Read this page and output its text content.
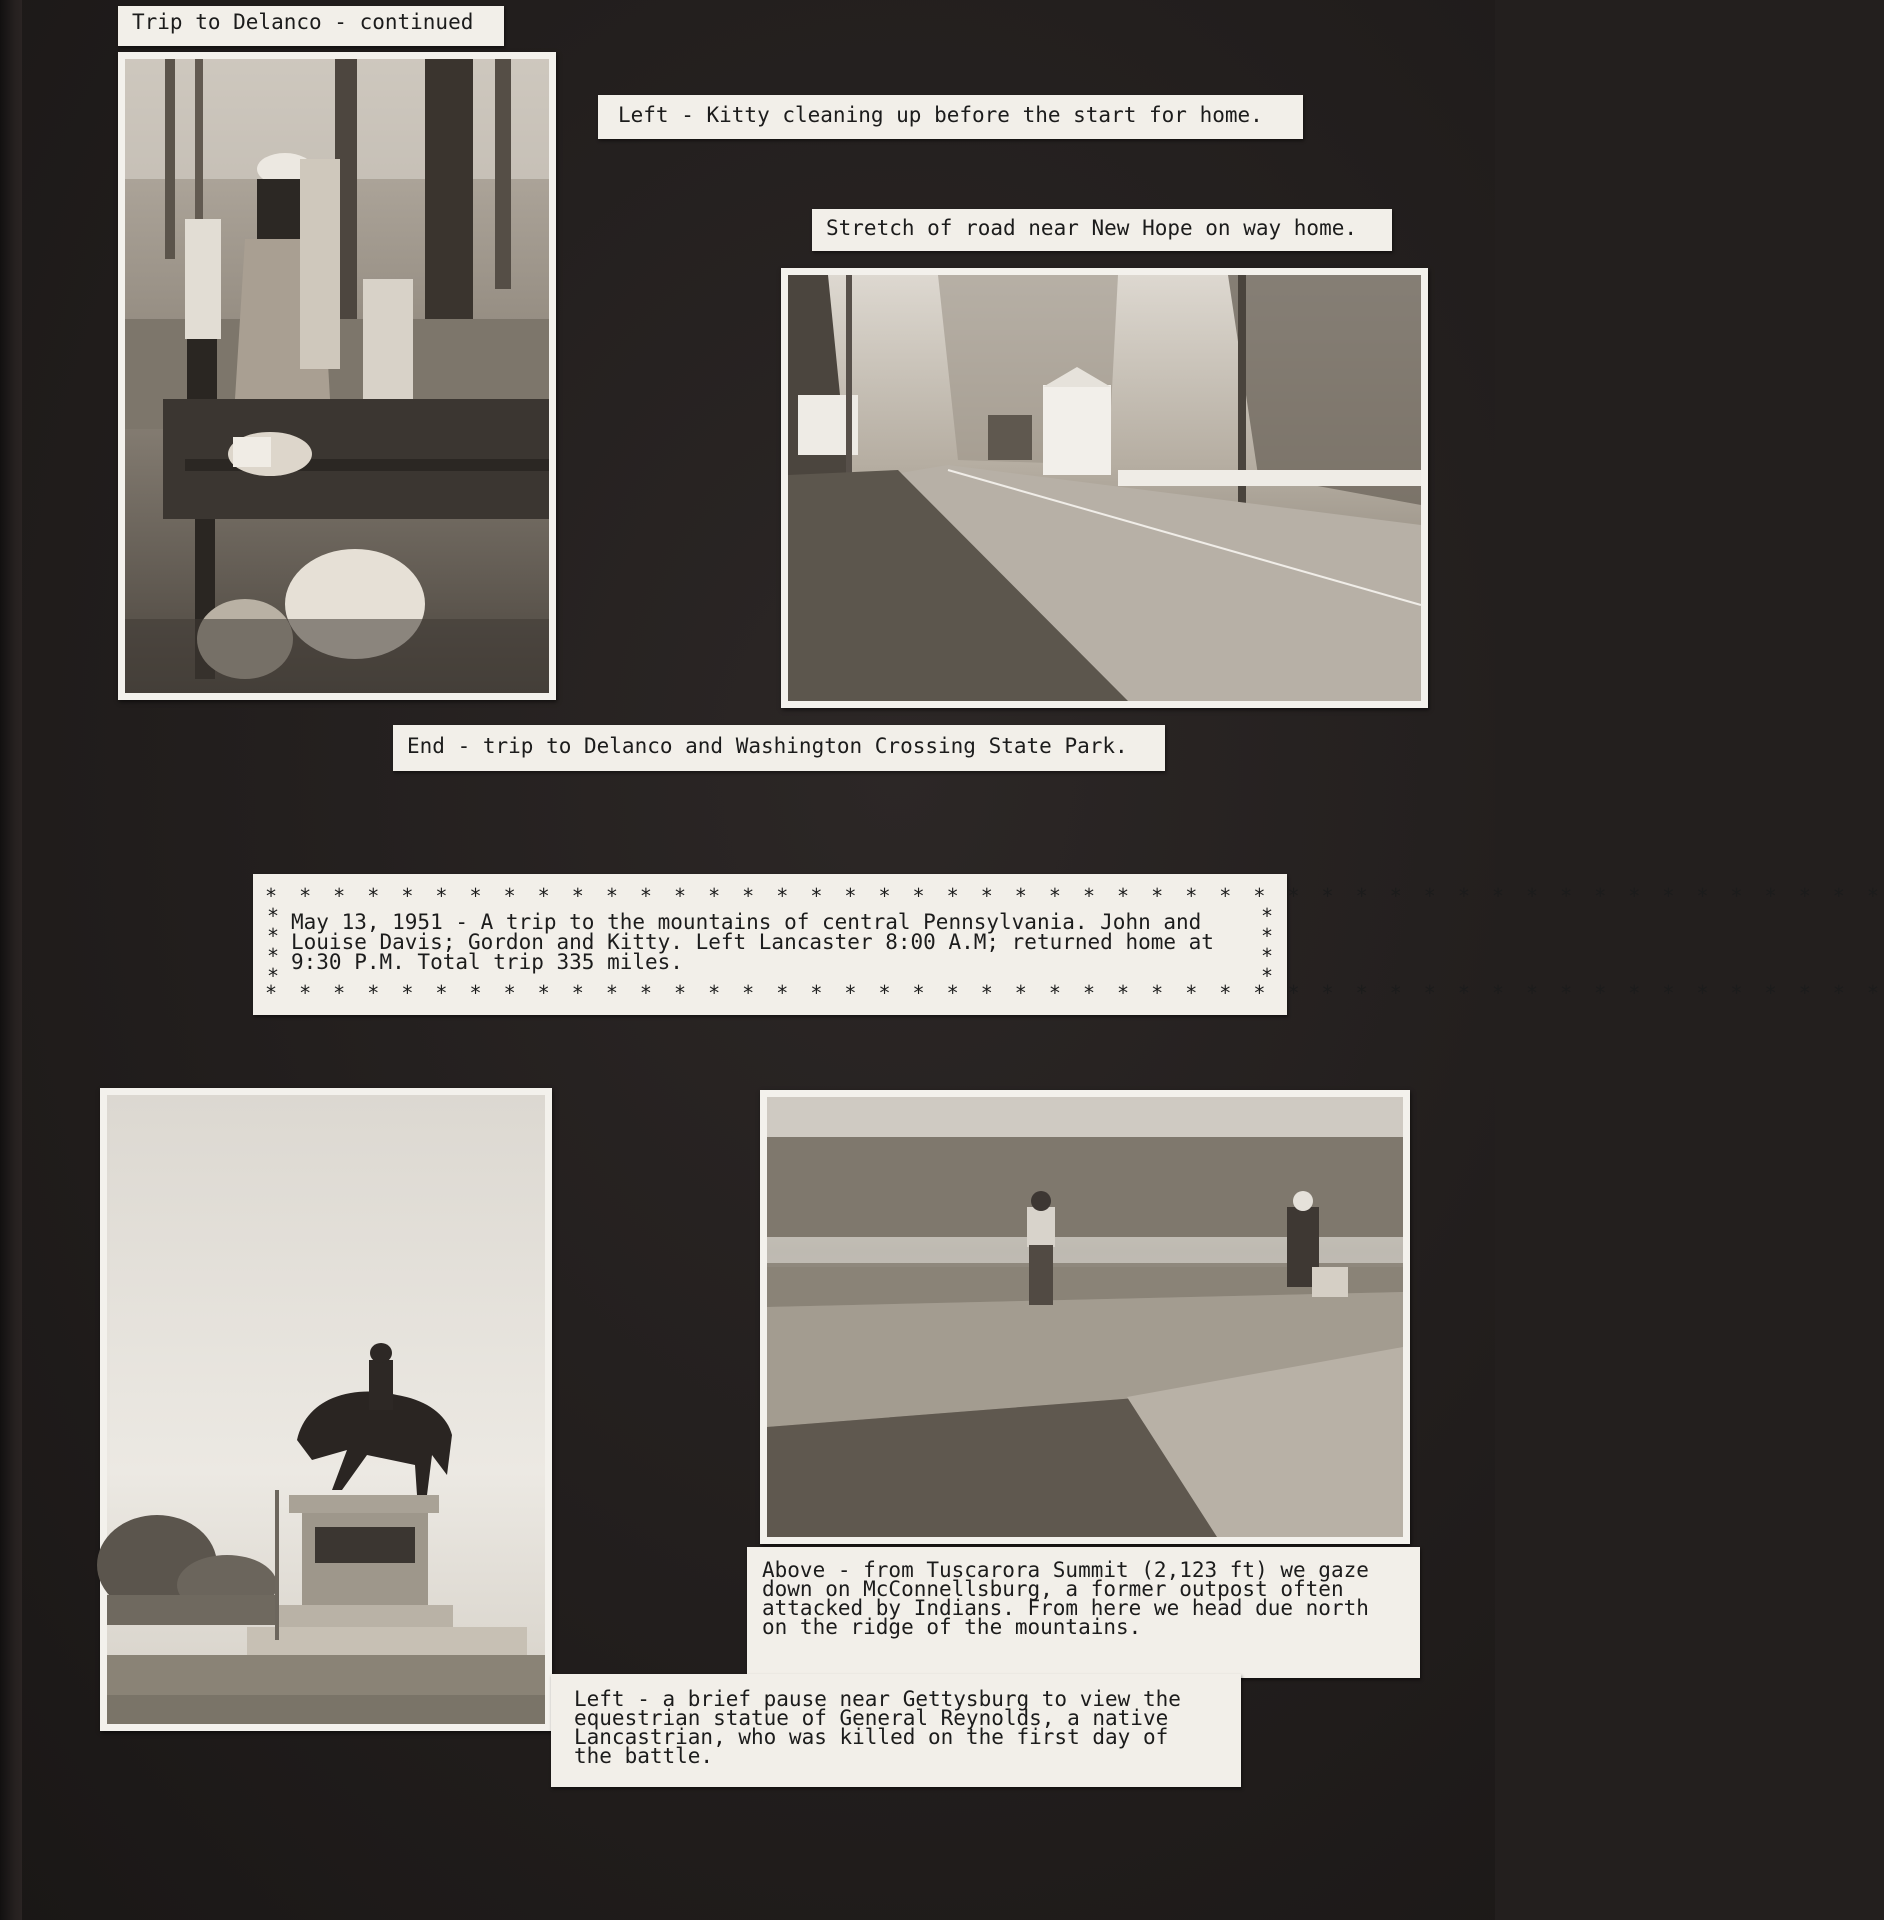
Trip to Delanco - continued
Left - Kitty cleaning up before the start for home.
Stretch of road near New Hope on way home.
End - trip to Delanco and Washington Crossing State Park.
* * * * * * * * * * * * * * * * * * * * * * * * * * * * * * * * * * * * * * * * * * * * * * * *
* * * * * * * * * * * * * * * * * * * * * * * * * * * * * * * * * * * * * * * * * * * * * * * *
*
*
*
*
*
*
*
*
May 13, 1951 - A trip to the mountains of central Pennsylvania. John and
Louise Davis; Gordon and Kitty. Left Lancaster 8:00 A.M; returned home at
9:30 P.M. Total trip 335 miles.
Above - from Tuscarora Summit (2,123 ft) we gaze
down on McConnellsburg, a former outpost often
attacked by Indians. From here we head due north
on the ridge of the mountains.
Left - a brief pause near Gettysburg to view the
equestrian statue of General Reynolds, a native
Lancastrian, who was killed on the first day of
the battle.
